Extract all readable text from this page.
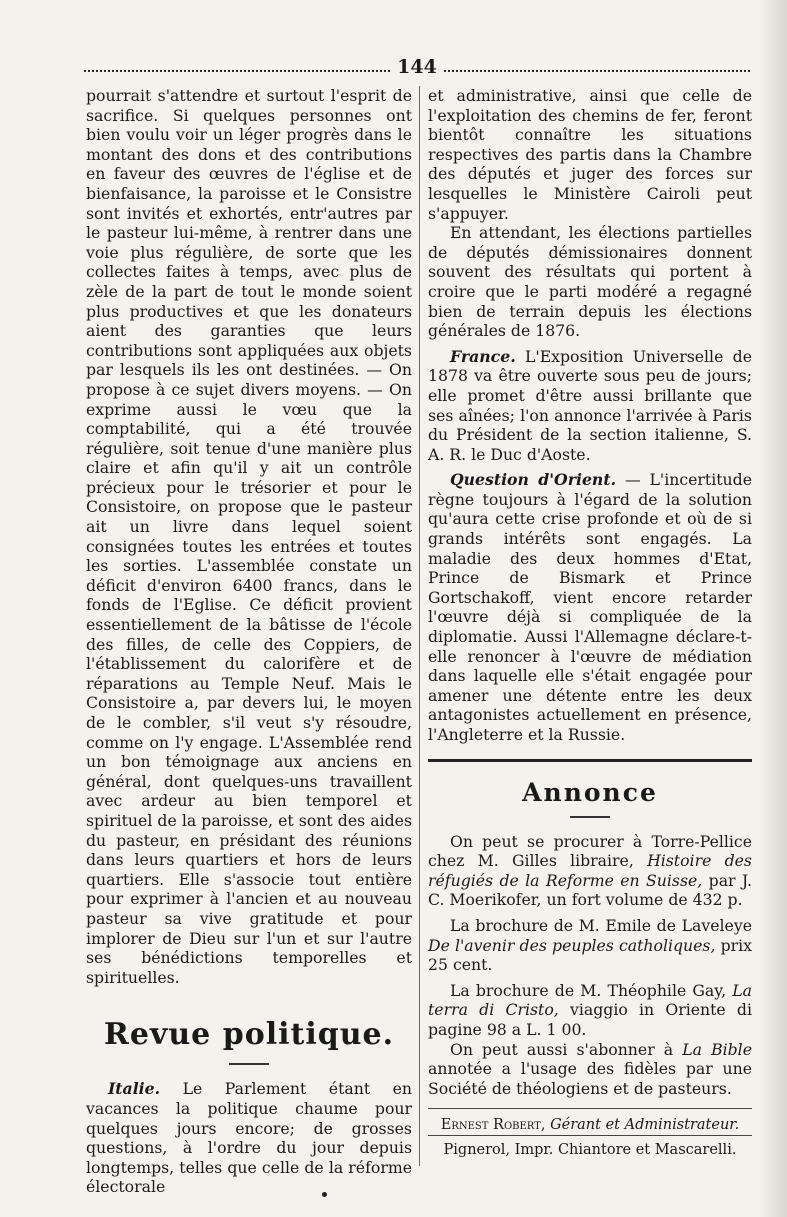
144

pourrait s'attendre et surtout l'esprit de sacrifice. Si quelques personnes ont bien voulu voir un léger progrès dans le montant des dons et des contributions en faveur des œuvres de l'église et de bienfaisance, la paroisse et le Consistre sont invités et exhortés, entr'autres par le pasteur lui-même, à rentrer dans une voie plus régulière, de sorte que les collectes faites à temps, avec plus de zèle de la part de tout le monde soient plus productives et que les donateurs aient des garanties que leurs contributions sont appliquées aux objets par lesquels ils les ont destinées. — On propose à ce sujet divers moyens. — On exprime aussi le vœu que la comptabilité, qui a été trouvée régulière, soit tenue d'une manière plus claire et afin qu'il y ait un contrôle précieux pour le trésorier et pour le Consistoire, on propose que le pasteur ait un livre dans lequel soient consignées toutes les entrées et toutes les sorties. L'assemblée constate un déficit d'environ 6400 francs, dans le fonds de l'Eglise. Ce déficit provient essentiellement de la bâtisse de l'école des filles, de celle des Coppiers, de l'établissement du calorifère et de réparations au Temple Neuf. Mais le Consistoire a, par devers lui, le moyen de le combler, s'il veut s'y résoudre, comme on l'y engage. L'Assemblée rend un bon témoignage aux anciens en général, dont quelques-uns travaillent avec ardeur au bien temporel et spirituel de la paroisse, et sont des aides du pasteur, en présidant des réunions dans leurs quartiers et hors de leurs quartiers. Elle s'associe tout entière pour exprimer à l'ancien et au nouveau pasteur sa vive gratitude et pour implorer de Dieu sur l'un et sur l'autre ses bénédictions temporelles et spirituelles.

Revue politique.

Italie. Le Parlement étant en vacances la politique chaume pour quelques jours encore; de grosses questions, à l'ordre du jour depuis longtemps, telles que celle de la réforme électorale

et administrative, ainsi que celle de l'exploitation des chemins de fer, feront bientôt connaître les situations respectives des partis dans la Chambre des députés et juger des forces sur lesquelles le Ministère Cairoli peut s'appuyer.

En attendant, les élections partielles de députés démissionaires donnent souvent des résultats qui portent à croire que le parti modéré a regagné bien de terrain depuis les élections générales de 1876.

France. L'Exposition Universelle de 1878 va être ouverte sous peu de jours; elle promet d'être aussi brillante que ses aînées; l'on annonce l'arrivée à Paris du Président de la section italienne, S. A. R. le Duc d'Aoste.

Question d'Orient. — L'incertitude règne toujours à l'égard de la solution qu'aura cette crise profonde et où de si grands intérêts sont engagés. La maladie des deux hommes d'Etat, Prince de Bismark et Prince Gortschakoff, vient encore retarder l'œuvre déjà si compliquée de la diplomatie. Aussi l'Allemagne déclare-t-elle renoncer à l'œuvre de médiation dans laquelle elle s'était engagée pour amener une détente entre les deux antagonistes actuellement en présence, l'Angleterre et la Russie.

Annonce

On peut se procurer à Torre-Pellice chez M. Gilles libraire, Histoire des réfugiés de la Reforme en Suisse, par J. C. Moerikofer, un fort volume de 432 p.

La brochure de M. Emile de Laveleye De l'avenir des peuples catholiques, prix 25 cent.

La brochure de M. Théophile Gay, La terra di Cristo, viaggio in Oriente di pagine 98 a L. 1 00.

On peut aussi s'abonner à La Bible annotée a l'usage des fidèles par une Société de théologiens et de pasteurs.

Ernest Robert, Gérant et Administrateur.
Pignerol, Impr. Chiantore et Mascarelli.
